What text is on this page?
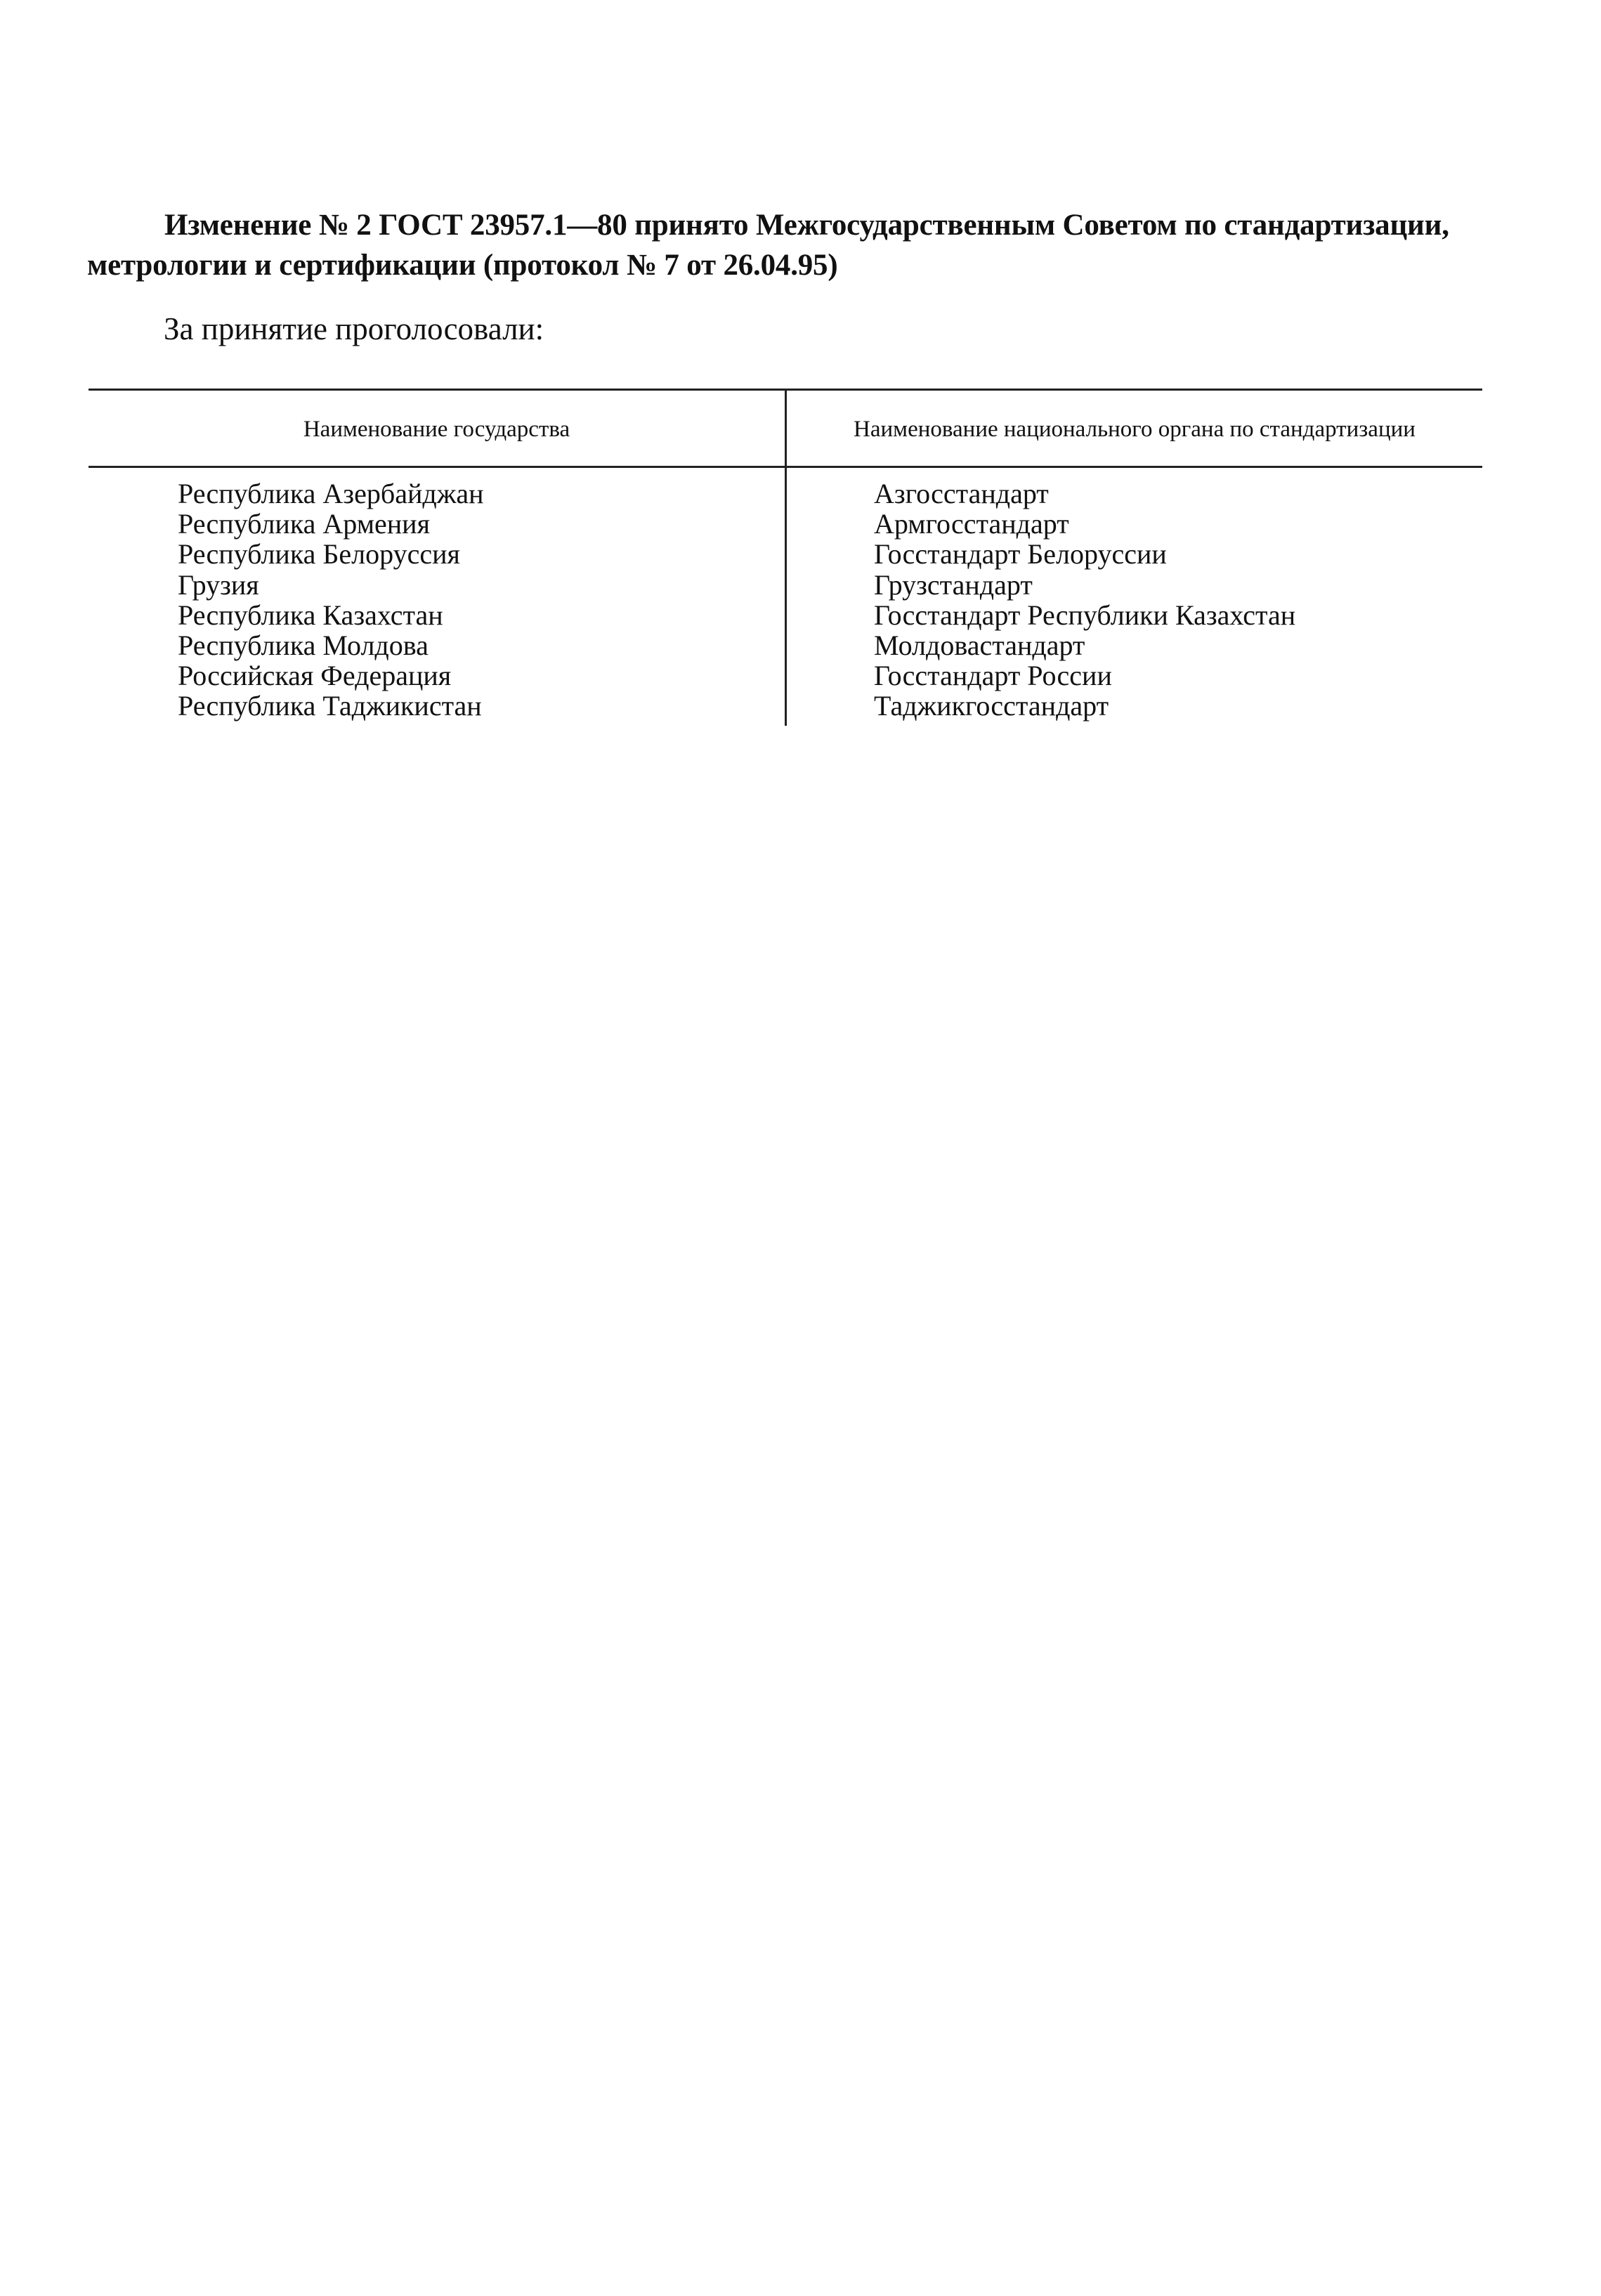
Изменение № 2 ГОСТ 23957.1—80 принято Межгосударственным Советом по стандартизации,
метрологии и сертификации (протокол № 7 от 26.04.95)

За принятие проголосовали:

Наименование государства	Наименование национального органа по стандартизации
Республика Азербайджан
Республика Армения
Республика Белоруссия
Грузия
Республика Казахстан
Республика Молдова
Российская Федерация
Республика Таджикистан
Азгосстандарт
Армгосстандарт
Госстандарт Белоруссии
Грузстандарт
Госстандарт Республики Казахстан
Молдовастандарт
Госстандарт России
Таджикгосстандарт
